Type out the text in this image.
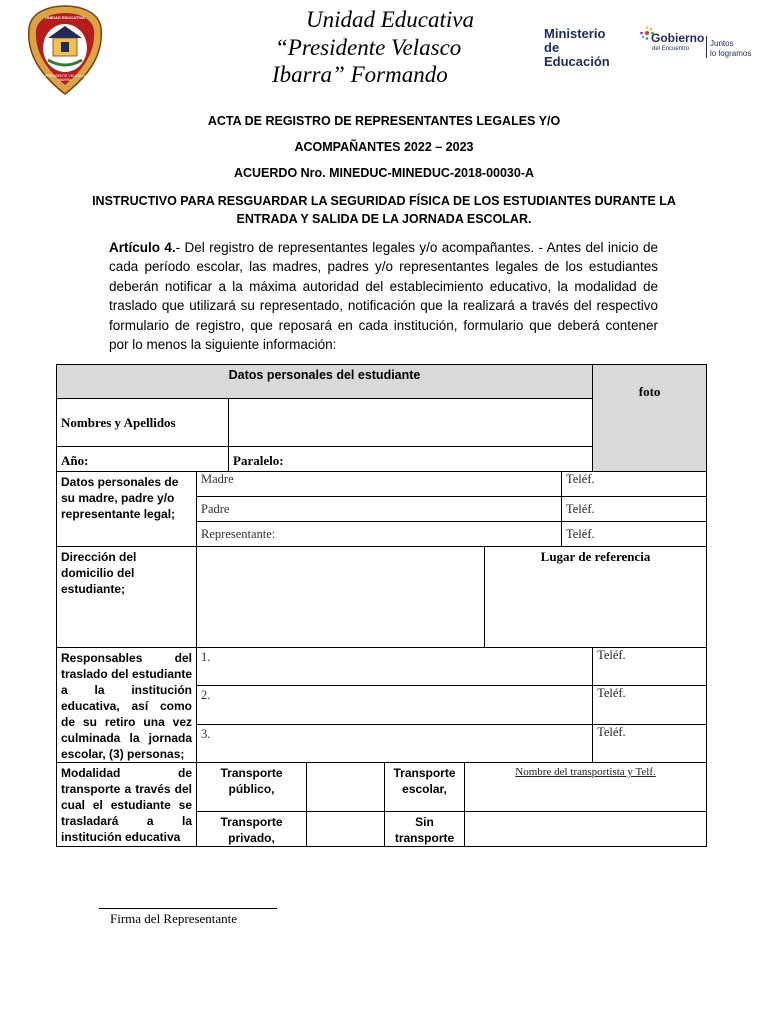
UNIDAD EDUCATIVA
PRESIDENTE VELASCO IBARRA
Unidad Educativa
“Presidente Velasco
Ibarra” Formando
Ministerio
de Educación
Gobierno
del Encuentro
Juntos
lo logramos
ACTA DE REGISTRO DE REPRESENTANTES LEGALES Y/O
ACOMPAÑANTES 2022 – 2023
ACUERDO Nro. MINEDUC-MINEDUC-2018-00030-A
INSTRUCTIVO PARA RESGUARDAR LA SEGURIDAD FÍSICA DE LOS ESTUDIANTES DURANTE LA
ENTRADA Y SALIDA DE LA JORNADA ESCOLAR.
Artículo 4.- Del registro de representantes legales y/o acompañantes. - Antes del inicio de cada período escolar, las madres, padres y/o representantes legales de los estudiantes deberán notificar a la máxima autoridad del establecimiento educativo, la modalidad de traslado que utilizará su representado, notificación que la realizará a través del respectivo formulario de registro, que reposará en cada institución, formulario que deberá contener por lo menos la siguiente información:
Datos personales del estudiante								foto
Nombres y Apellidos								
Año:		Paralelo:						
Datos personales de su madre, padre y/o representante legal;	Madre						Teléf.	
	Padre						Teléf.	
	Representante:						Teléf.	
Dirección del domicilio del estudiante;						Lugar de referencia		
Responsables del traslado del estudiante a la institución educativa, así como de su retiro una vez culminada la jornada escolar, (3) personas;	1.							Teléf.
	2.							Teléf.
	3.							Teléf.
Modalidad de transporte a través del cual el estudiante se trasladará a la institución educativa	Transporte público,			Transporte escolar,	Nombre del transportista y Telf.			
	Transporte privado,			Sin transporte				
Firma del Representante
